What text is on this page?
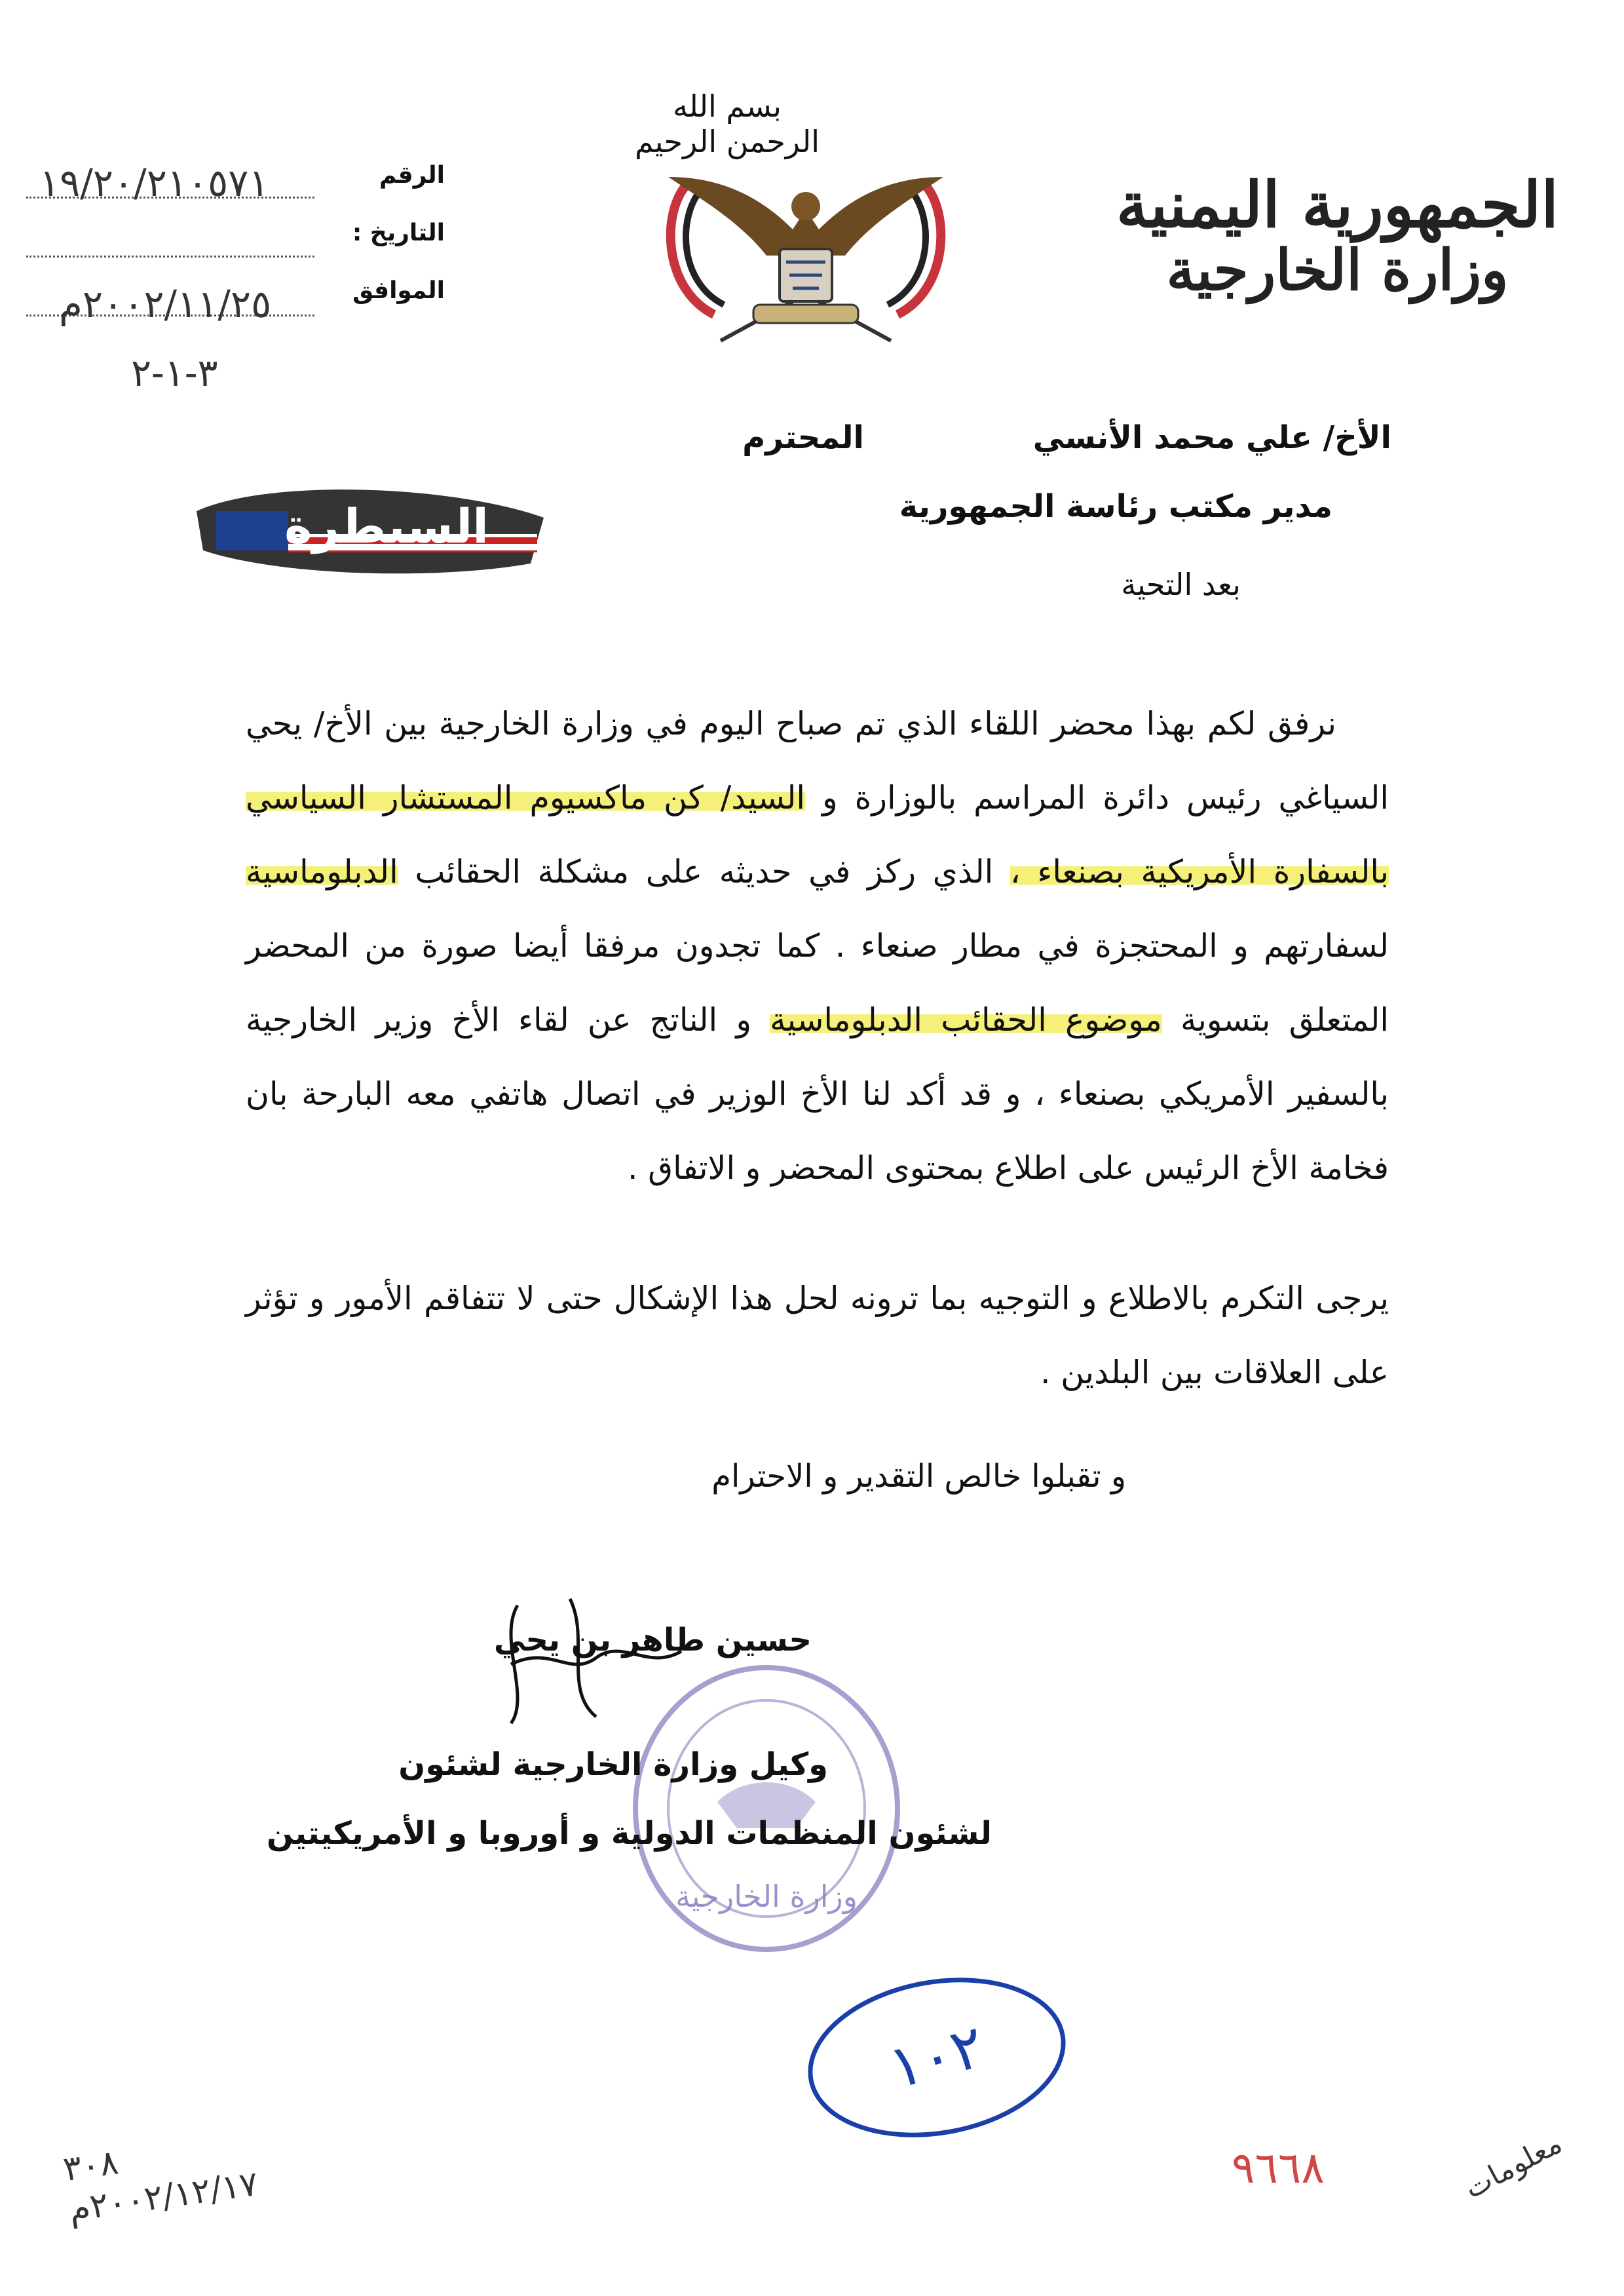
بسم الله الرحمن الرحيم
الجمهورية اليمنية
وزارة الخارجية
الرقم
التاريخ :
الموافق
١٩/٢٠/٢١٠٥٧١
٢٠٠٢/١١/٢٥م
٣-١-٢
السيطرة
الأخ/ علي محمد الأنسي
المحترم
مدير مكتب رئاسة الجمهورية
بعد التحية

نرفق لكم بهذا محضر اللقاء الذي تم صباح اليوم في وزارة الخارجية بين الأخ/ يحي السياغي رئيس دائرة المراسم بالوزارة و السيد/ كن ماكسيوم المستشار السياسي بالسفارة الأمريكية بصنعاء ، الذي ركز في حديثه على مشكلة الحقائب الدبلوماسية لسفارتهم و المحتجزة في مطار صنعاء . كما تجدون مرفقا أيضا صورة من المحضر المتعلق بتسوية موضوع الحقائب الدبلوماسية و الناتج عن لقاء الأخ وزير الخارجية بالسفير الأمريكي بصنعاء ، و قد أكد لنا الأخ الوزير في اتصال هاتفي معه البارحة بان فخامة الأخ الرئيس على اطلاع بمحتوى المحضر و الاتفاق .

يرجى التكرم بالاطلاع و التوجيه بما ترونه لحل هذا الإشكال حتى لا تتفاقم الأمور و تؤثر على العلاقات بين البلدين .
و تقبلوا خالص التقدير و الاحترام
وزارة الخارجية
حسين طاهر بن يحي
وكيل وزارة الخارجية لشئون
لشئون المنظمات الدولية و أوروبا و الأمريكيتين
١٠٢
٣٠٨
٢٠٠٢/١٢/١٧م	٩٦٦٨	معلومات
